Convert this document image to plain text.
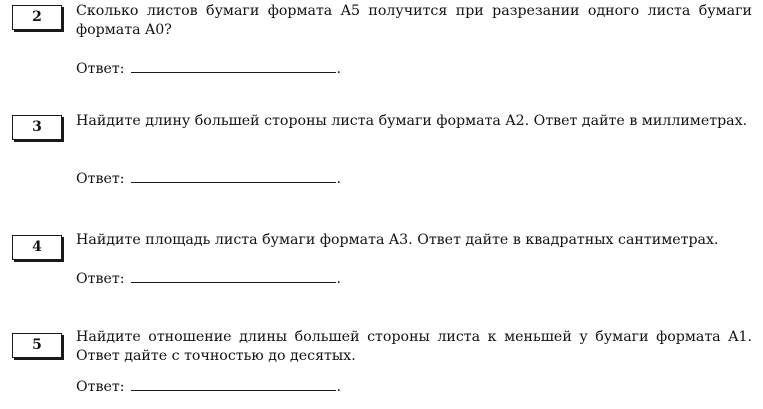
2	Сколько листов бумаги формата A5 получится при разрезании одного листа бумаги формата A0?

Ответ:	.
3	Найдите длину большей стороны листа бумаги формата A2. Ответ дайте в миллиметрах.

Ответ:	.
4	Найдите площадь листа бумаги формата A3. Ответ дайте в квадратных сантиметрах.

Ответ:	.
5	Найдите отношение длины большей стороны листа к меньшей у бумаги формата A1. Ответ дайте с точностью до десятых.

Ответ:	.
